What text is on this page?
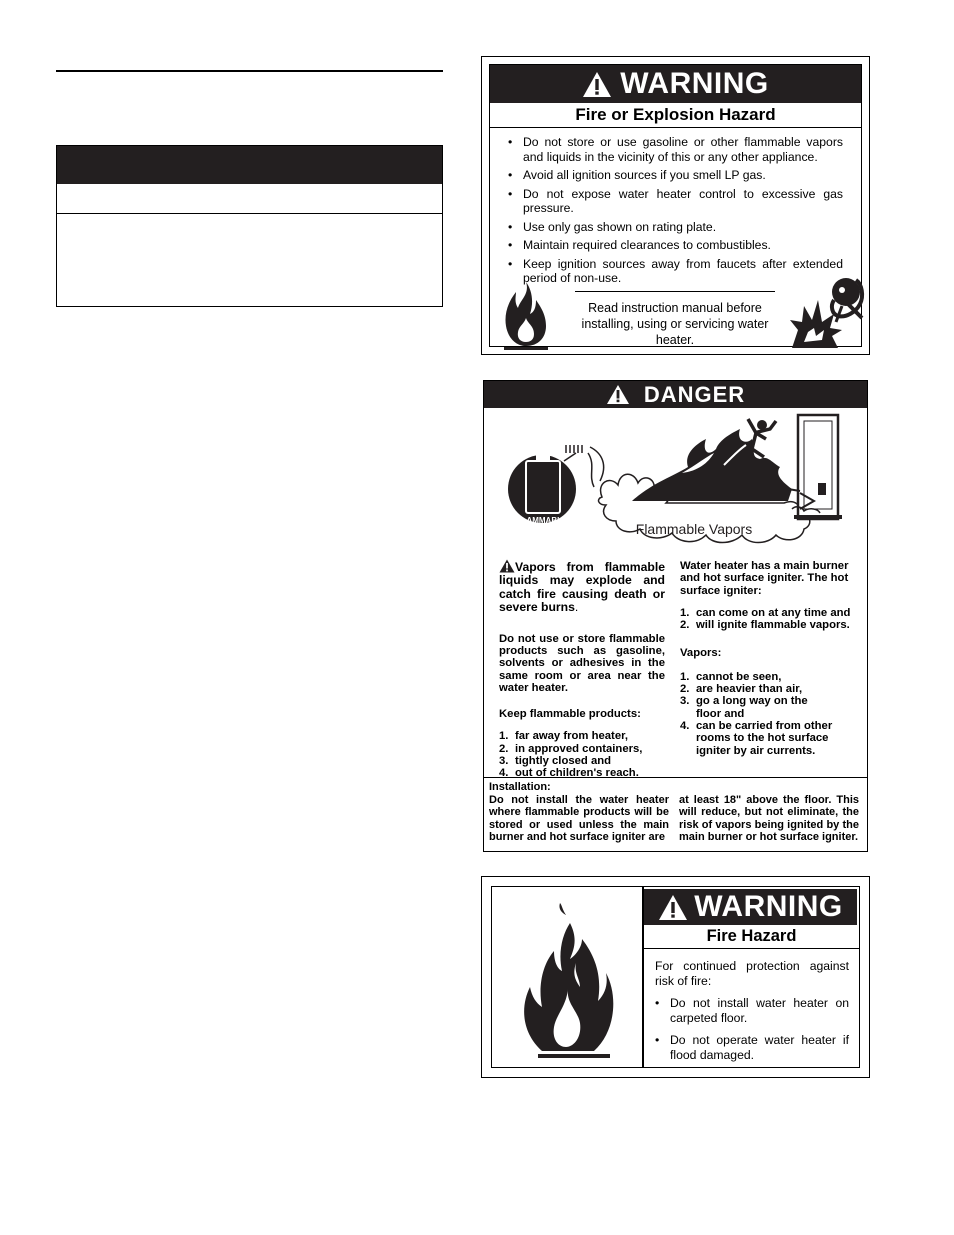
WARNING
Fire or Explosion Hazard
• Do not store or use gasoline or other flammable vapors and liquids in the vicinity of this or any other appliance.
• Avoid all ignition sources if you smell LP gas.
• Do not expose water heater control to excessive gas pressure.
• Use only gas shown on rating plate.
• Maintain required clearances to combustibles.
• Keep ignition sources away from faucets after extended period of non-use.
Read instruction manual before installing, using or servicing water heater.
DANGER
Flammable Vapors
FLAMMABLE
Vapors from flammable liquids may explode and catch fire causing death or severe burns.

Do not use or store flammable products such as gasoline, solvents or adhesives in the same room or area near the water heater.

Keep flammable products:
1. far away from heater,
2. in approved containers,
3. tightly closed and
4. out of children's reach.

Water heater has a main burner and hot surface igniter. The hot surface igniter:

1. can come on at any time and
2. will ignite flammable vapors.
Vapors:
1. cannot be seen,
2. are heavier than air,
3. go a long way on the floor and
4. can be carried from other rooms to the hot surface igniter by air currents.
Installation:
Do not install the water heater where flammable products will be stored or used unless the main burner and hot surface igniter are
at least 18" above the floor. This will reduce, but not eliminate, the risk of vapors being ignited by the main burner or hot surface igniter.
WARNING
Fire Hazard

For continued protection against risk of fire:

• Do not install water heater on carpeted floor.
• Do not operate water heater if flood damaged.
